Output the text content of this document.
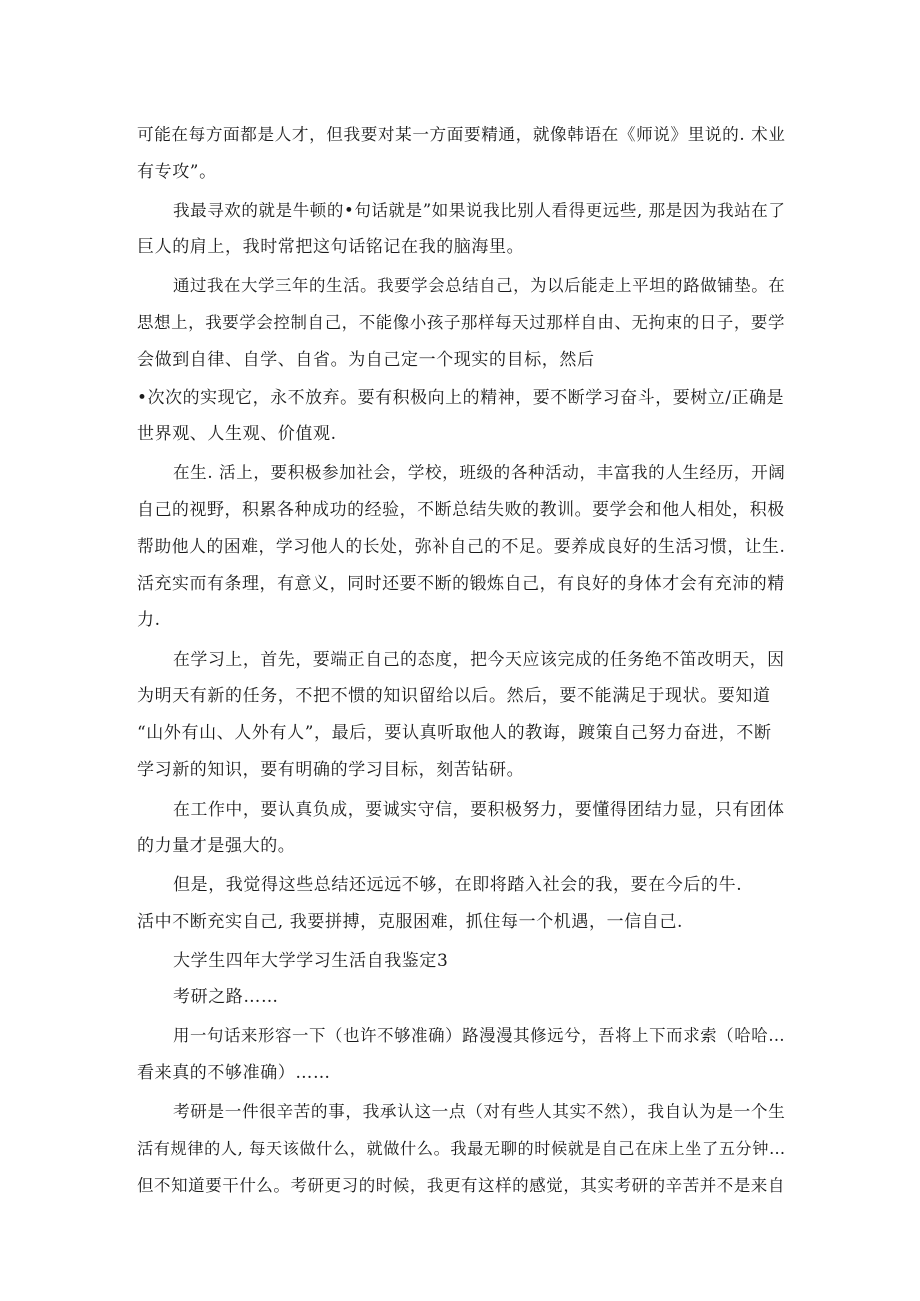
可能在每方面都是人才，但我要对某一方面要精通，就像韩语在《师说》里说的. 术业
有专攻”。
我最寻欢的就是牛顿的•句话就是”如果说我比别人看得更远些, 那是因为我站在了
巨人的肩上，我时常把这句话铭记在我的脑海里。
通过我在大学三年的生活。我要学会总结自己，为以后能走上平坦的路做铺垫。在
思想上，我要学会控制自己，不能像小孩子那样每天过那样自由、无拘束的日子，要学
会做到自律、自学、自省。为自己定一个现实的目标，然后
•次次的实现它，永不放弃。要有积极向上的精神，要不断学习奋斗，要树立/正确是
世界观、人生观、价值观.
在生. 活上，要积极参加社会，学校，班级的各种活动，丰富我的人生经历，开阔
自己的视野，积累各种成功的经验，不断总结失败的教训。要学会和他人相处，积极
帮助他人的困难，学习他人的长处，弥补自己的不足。要养成良好的生活习惯，让生.
活充实而有条理，有意义，同时还要不断的锻炼自己，有良好的身体才会有充沛的精
力.
在学习上，首先，要端正自己的态度，把今天应该完成的任务绝不笛改明天，因
为明天有新的任务，不把不惯的知识留给以后。然后，要不能满足于现状。要知道
“山外有山、人外有人”，最后，要认真听取他人的教诲，踱策自己努力奋进，不断
学习新的知识，要有明确的学习目标，刻苦钻研。
在工作中，要认真负成，要诚实守信，要积极努力，要懂得团结力显，只有团体
的力量才是强大的。
但是，我觉得这些总结还远远不够，在即将踏入社会的我，要在今后的牛.
活中不断充实自己, 我要拼搏，克服困难，抓住每一个机遇，一信自己.
大学生四年大学学习生活自我鉴定3
考研之路……
用一句话来形容一下（也许不够准确）路漫漫其修远兮，吾将上下而求索（哈哈…
看来真的不够准确）……
考研是一件很辛苦的事，我承认这一点（对有些人其实不然），我自认为是一个生
活有规律的人, 每天该做什么，就做什么。我最无聊的时候就是自己在床上坐了五分钟…
但不知道要干什么。考研更习的时候，我更有这样的感觉，其实考研的辛苦并不是来自
